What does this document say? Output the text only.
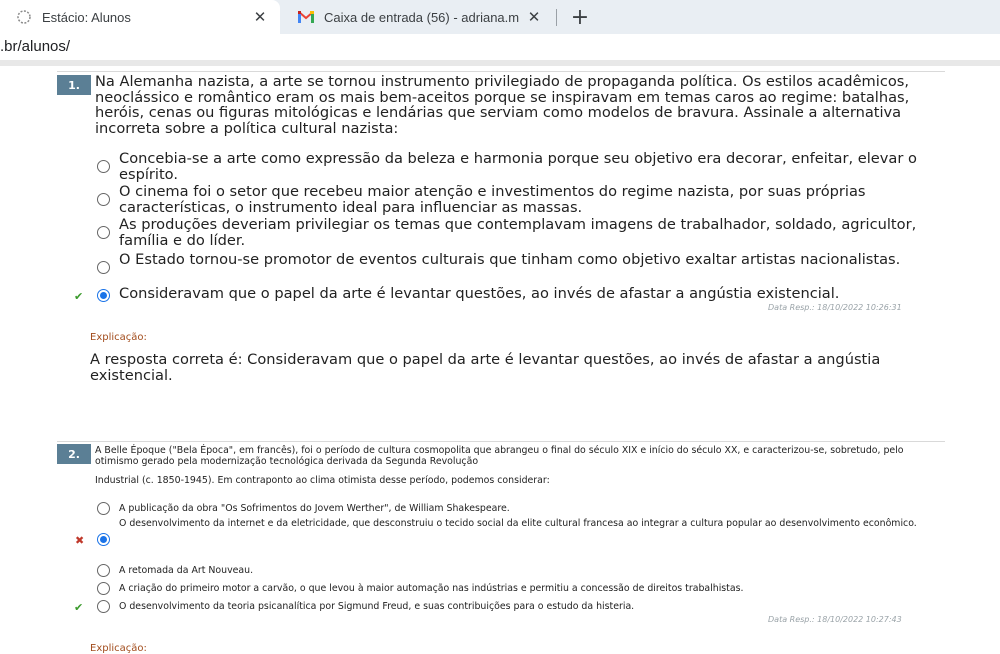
Estácio: Alunos	✕	Caixa de entrada (56) - adriana.m ✕ +
.br/alunos/
1.	Na Alemanha nazista, a arte se tornou instrumento privilegiado de propaganda política. Os estilos acadêmicos, neoclássico e romântico eram os mais bem-aceitos porque se inspiravam em temas caros ao regime: batalhas, heróis, cenas ou figuras mitológicas e lendárias que serviam como modelos de bravura. Assinale a alternativa incorreta sobre a política cultural nazista:
Concebia-se a arte como expressão da beleza e harmonia porque seu objetivo era decorar, enfeitar, elevar o espírito.
O cinema foi o setor que recebeu maior atenção e investimentos do regime nazista, por suas próprias características, o instrumento ideal para influenciar as massas.
As produções deveriam privilegiar os temas que contemplavam imagens de trabalhador, soldado, agricultor, família e do líder.
O Estado tornou-se promotor de eventos culturais que tinham como objetivo exaltar artistas nacionalistas.
✔ Consideravam que o papel da arte é levantar questões, ao invés de afastar a angústia existencial.
Data Resp.: 18/10/2022 10:26:31
Explicação:
A resposta correta é: Consideravam que o papel da arte é levantar questões, ao invés de afastar a angústia existencial.
2.	A Belle Époque ("Bela Época", em francês), foi o período de cultura cosmopolita que abrangeu o final do século XIX e início do século XX, e caracterizou-se, sobretudo, pelo otimismo gerado pela modernização tecnológica derivada da Segunda Revolução
Industrial (c. 1850-1945). Em contraponto ao clima otimista desse período, podemos considerar:
A publicação da obra "Os Sofrimentos do Jovem Werther", de William Shakespeare.
✖
O desenvolvimento da internet e da eletricidade, que desconstruiu o tecido social da elite cultural francesa ao integrar a cultura popular ao desenvolvimento econômico.
A retomada da Art Nouveau.
A criação do primeiro motor a carvão, o que levou à maior automação nas indústrias e permitiu a concessão de direitos trabalhistas.
✔	O desenvolvimento da teoria psicanalítica por Sigmund Freud, e suas contribuições para o estudo da histeria.
Data Resp.: 18/10/2022 10:27:43
Explicação:
